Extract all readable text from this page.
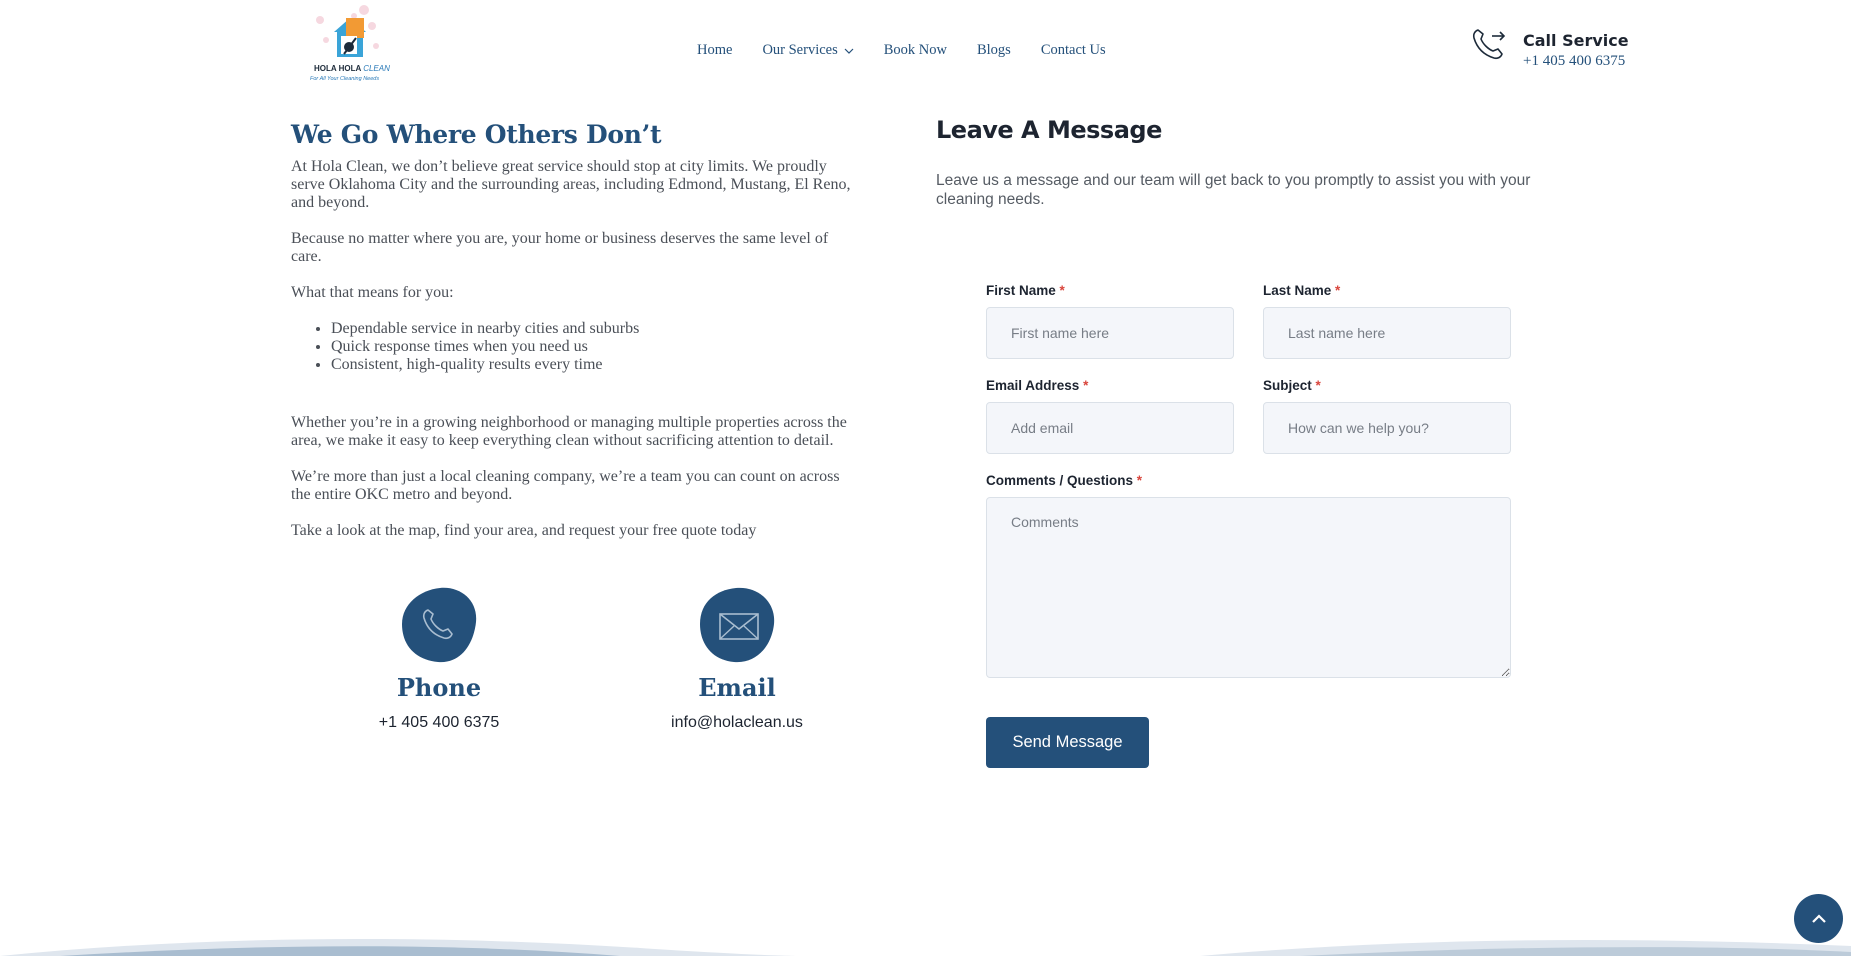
HOLA HOLA CLEAN
For All Your Cleaning Needs
Home Our Services	Book Now Blogs Contact Us	Call Service
+1 405 400 6375
We Go Where Others Don’t

At Hola Clean, we don’t believe great service should stop at city limits. We proudly serve Oklahoma City and the surrounding areas, including Edmond, Mustang, El Reno, and beyond.

Because no matter where you are, your home or business deserves the same level of care.

What that means for you:

• Dependable service in nearby cities and suburbs
• Quick response times when you need us
• Consistent, high-quality results every time

Whether you’re in a growing neighborhood or managing multiple properties across the area, we make it easy to keep everything clean without sacrificing attention to detail.

We’re more than just a local cleaning company, we’re a team you can count on across the entire OKC metro and beyond.

Take a look at the map, find your area, and request your free quote today

Phone
+1 405 400 6375
Email
info@holaclean.us
Leave A Message
Leave us a message and our team will get back to you promptly to assist you with your cleaning needs.
First Name *
First name here	Last Name *
Last name here
Email Address *
Add email	Subject *
How can we help you?
Comments / Questions *
Comments
Send Message
